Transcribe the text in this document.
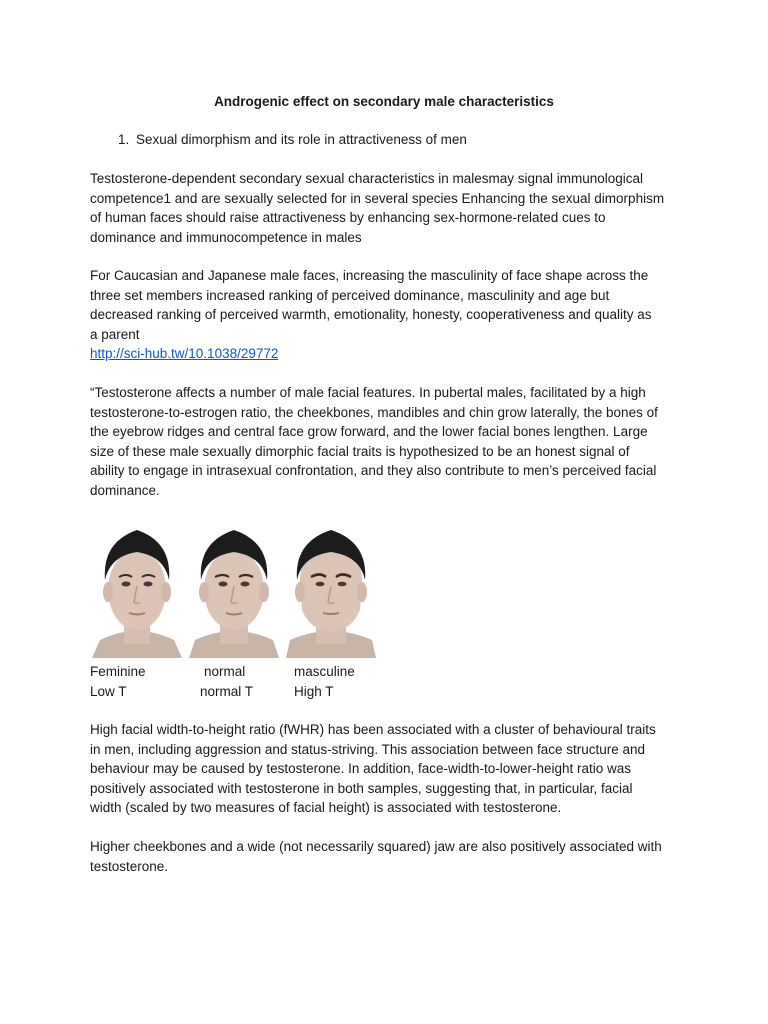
Androgenic effect on secondary male characteristics
1. Sexual dimorphism and its role in attractiveness of men
Testosterone-dependent secondary sexual characteristics in malesmay signal immunological
competence1 and are sexually selected for in several species Enhancing the sexual dimorphism
of human faces should raise attractiveness by enhancing sex-hormone-related cues to
dominance and immunocompetence in males
For Caucasian and Japanese male faces, increasing the masculinity of face shape across the
three set members increased ranking of perceived dominance, masculinity and age but
decreased ranking of perceived warmth, emotionality, honesty, cooperativeness and quality as
a parent
http://sci-hub.tw/10.1038/29772
“Testosterone affects a number of male facial features. In pubertal males, facilitated by a high
testosterone-to-estrogen ratio, the cheekbones, mandibles and chin grow laterally, the bones of
the eyebrow ridges and central face grow forward, and the lower facial bones lengthen. Large
size of these male sexually dimorphic facial traits is hypothesized to be an honest signal of
ability to engage in intrasexual confrontation, and they also contribute to men’s perceived facial
dominance.
Feminine
Low T
normal
normal T
masculine
High T
High facial width-to-height ratio (fWHR) has been associated with a cluster of behavioural traits
in men, including aggression and status-striving. This association between face structure and
behaviour may be caused by testosterone. In addition, face-width-to-lower-height ratio was
positively associated with testosterone in both samples, suggesting that, in particular, facial
width (scaled by two measures of facial height) is associated with testosterone.
Higher cheekbones and a wide (not necessarily squared) jaw are also positively associated with
testosterone.
